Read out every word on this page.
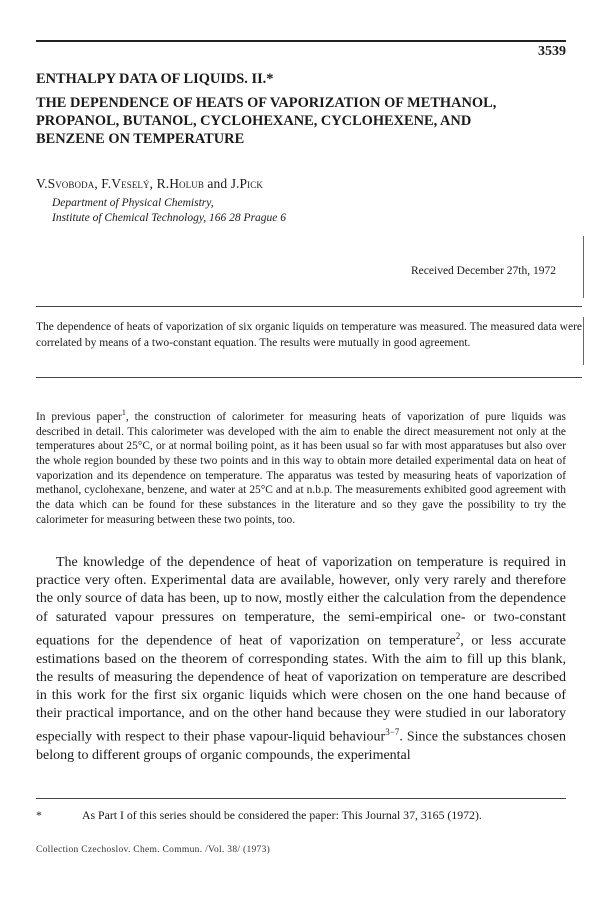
3539
ENTHALPY DATA OF LIQUIDS. II.*
THE DEPENDENCE OF HEATS OF VAPORIZATION OF METHANOL,
PROPANOL, BUTANOL, CYCLOHEXANE, CYCLOHEXENE, AND
BENZENE ON TEMPERATURE
V.Svoboda, F.Veselý, R.Holub and J.Pick
Department of Physical Chemistry,
Institute of Chemical Technology, 166 28 Prague 6
Received December 27th, 1972
The dependence of heats of vaporization of six organic liquids on temperature was measured. The measured data were correlated by means of a two-constant equation. The results were mutually in good agreement.
In previous paper$^1$, the construction of calorimeter for measuring heats of vaporization of pure liquids was described in detail. This calorimeter was developed with the aim to enable the direct measurement not only at the temperatures about 25°C, or at normal boiling point, as it has been usual so far with most apparatuses but also over the whole region bounded by these two points and in this way to obtain more detailed experimental data on heat of vaporization and its dependence on temperature. The apparatus was tested by measuring heats of vaporization of methanol, cyclohexane, benzene, and water at 25°C and at n.b.p. The measurements exhibited good agreement with the data which can be found for these substances in the literature and so they gave the possibility to try the calorimeter for measuring between these two points, too.
The knowledge of the dependence of heat of vaporization on temperature is required in practice very often. Experimental data are available, however, only very rarely and therefore the only source of data has been, up to now, mostly either the calculation from the dependence of saturated vapour pressures on temperature, the semi-empirical one- or two-constant equations for the dependence of heat of vaporization on temperature$^2$, or less accurate estimations based on the theorem of corresponding states. With the aim to fill up this blank, the results of measuring the dependence of heat of vaporization on temperature are described in this work for the first six organic liquids which were chosen on the one hand because of their practical importance, and on the other hand because they were studied in our laboratory especially with respect to their phase vapour-liquid behaviour$^{3-7}$. Since the substances chosen belong to different groups of organic compounds, the experimental
*	As Part I of this series should be considered the paper: This Journal 37, 3165 (1972).
Collection Czechoslov. Chem. Commun. /Vol. 38/ (1973)
